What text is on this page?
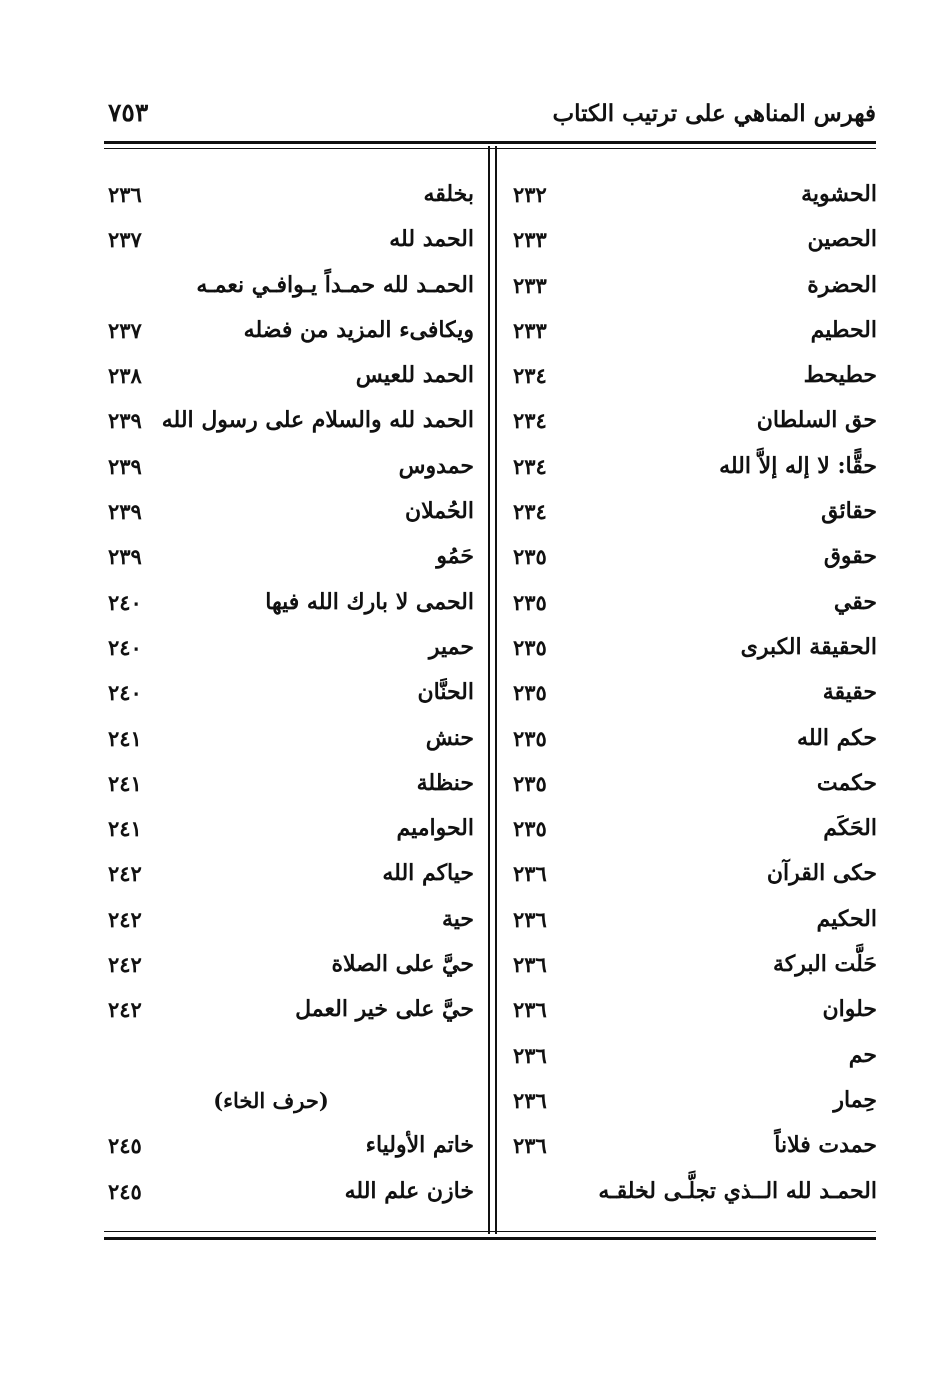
فهرس المناهي على ترتيب الكتاب
٧٥٣
الحشوية
٢٣٢
الحصين
٢٣٣
الحضرة
٢٣٣
الحطيم
٢٣٣
حطيحط
٢٣٤
حق السلطان
٢٣٤
حقًّا: لا إله إلاَّ الله
٢٣٤
حقائق
٢٣٤
حقوق
٢٣٥
حقي
٢٣٥
الحقيقة الكبرى
٢٣٥
حقيقة
٢٣٥
حكم الله
٢٣٥
حكمت
٢٣٥
الحَكَم
٢٣٥
حكى القرآن
٢٣٦
الحكيم
٢٣٦
حَلَّت البركة
٢٣٦
حلوان
٢٣٦
حم
٢٣٦
حِمار
٢٣٦
حمدت فلاناً
٢٣٦
الحمـد لله الــذي تجلَّـى لخلقـه
بخلقه
٢٣٦
الحمد لله
٢٣٧
الحمـد لله حمـداً يـوافـي نعمـه
ويكافىء المزيد من فضله
٢٣٧
الحمد للعيس
٢٣٨
الحمد لله والسلام على رسول الله
٢٣٩
حمدوس
٢٣٩
الحُملان
٢٣٩
حَمُو
٢٣٩
الحمى لا بارك الله فيها
٢٤٠
حمير
٢٤٠
الحنَّان
٢٤٠
حنش
٢٤١
حنظلة
٢٤١
الحواميم
٢٤١
حياكم الله
٢٤٢
حية
٢٤٢
حيَّ على الصلاة
٢٤٢
حيَّ على خير العمل
٢٤٢
(حرف الخاء)
خاتم الأولياء
٢٤٥
خازن علم الله
٢٤٥
